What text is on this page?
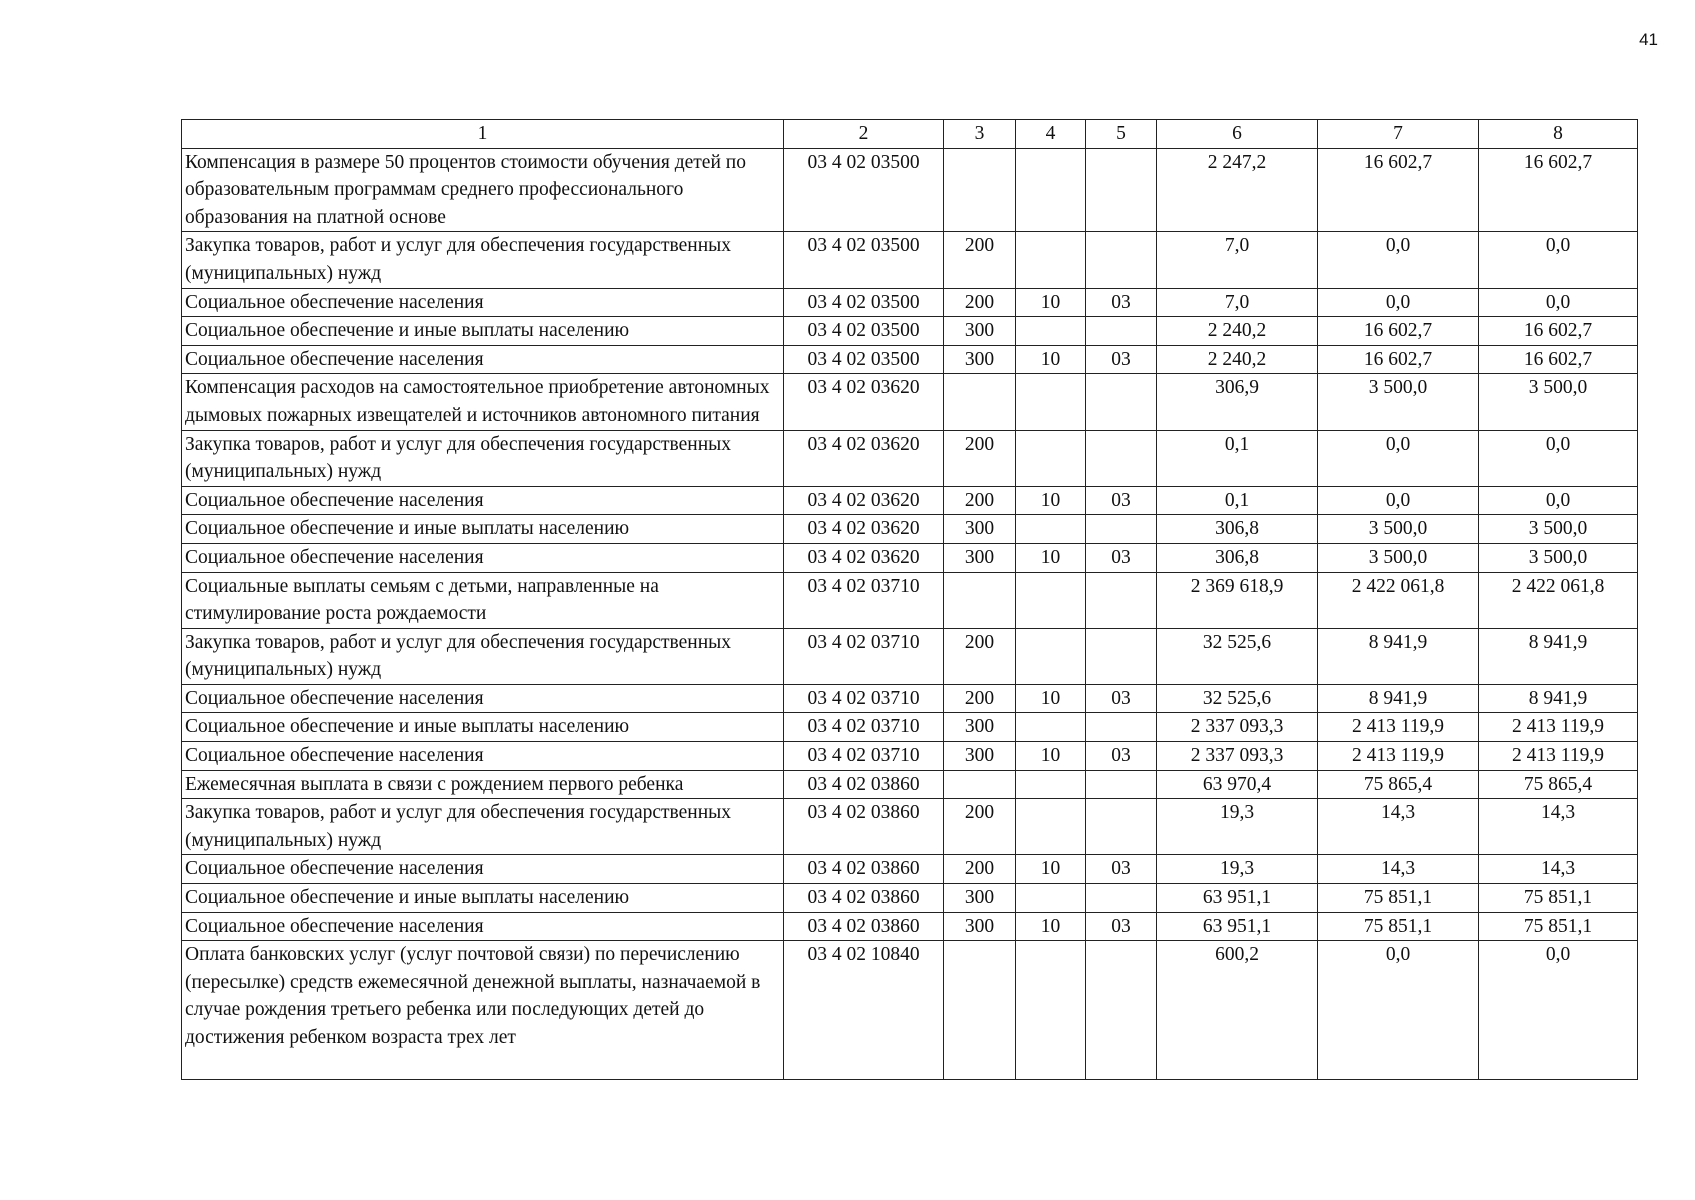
41
1	2	3	4	5	6	7	8
Компенсация в размере 50 процентов стоимости обучения детей по образовательным программам среднего профессионального образования на платной основе	03 4 02 03500				2 247,2	16 602,7	16 602,7
Закупка товаров, работ и услуг для обеспечения государственных (муниципальных) нужд	03 4 02 03500	200			7,0	0,0	0,0
Социальное обеспечение населения	03 4 02 03500	200	10	03	7,0	0,0	0,0
Социальное обеспечение и иные выплаты населению	03 4 02 03500	300			2 240,2	16 602,7	16 602,7
Социальное обеспечение населения	03 4 02 03500	300	10	03	2 240,2	16 602,7	16 602,7
Компенсация расходов на самостоятельное приобретение автономных дымовых пожарных извещателей и источников автономного питания	03 4 02 03620				306,9	3 500,0	3 500,0
Закупка товаров, работ и услуг для обеспечения государственных (муниципальных) нужд	03 4 02 03620	200			0,1	0,0	0,0
Социальное обеспечение населения	03 4 02 03620	200	10	03	0,1	0,0	0,0
Социальное обеспечение и иные выплаты населению	03 4 02 03620	300			306,8	3 500,0	3 500,0
Социальное обеспечение населения	03 4 02 03620	300	10	03	306,8	3 500,0	3 500,0
Социальные выплаты семьям с детьми, направленные на стимулирование роста рождаемости	03 4 02 03710				2 369 618,9	2 422 061,8	2 422 061,8
Закупка товаров, работ и услуг для обеспечения государственных (муниципальных) нужд	03 4 02 03710	200			32 525,6	8 941,9	8 941,9
Социальное обеспечение населения	03 4 02 03710	200	10	03	32 525,6	8 941,9	8 941,9
Социальное обеспечение и иные выплаты населению	03 4 02 03710	300			2 337 093,3	2 413 119,9	2 413 119,9
Социальное обеспечение населения	03 4 02 03710	300	10	03	2 337 093,3	2 413 119,9	2 413 119,9
Ежемесячная выплата в связи с рождением первого ребенка	03 4 02 03860				63 970,4	75 865,4	75 865,4
Закупка товаров, работ и услуг для обеспечения государственных (муниципальных) нужд	03 4 02 03860	200			19,3	14,3	14,3
Социальное обеспечение населения	03 4 02 03860	200	10	03	19,3	14,3	14,3
Социальное обеспечение и иные выплаты населению	03 4 02 03860	300			63 951,1	75 851,1	75 851,1
Социальное обеспечение населения	03 4 02 03860	300	10	03	63 951,1	75 851,1	75 851,1
Оплата банковских услуг (услуг почтовой связи) по перечислению (пересылке) средств ежемесячной денежной выплаты, назначаемой в случае рождения третьего ребенка или последующих детей до достижения ребенком возраста трех лет	03 4 02 10840				600,2	0,0	0,0
